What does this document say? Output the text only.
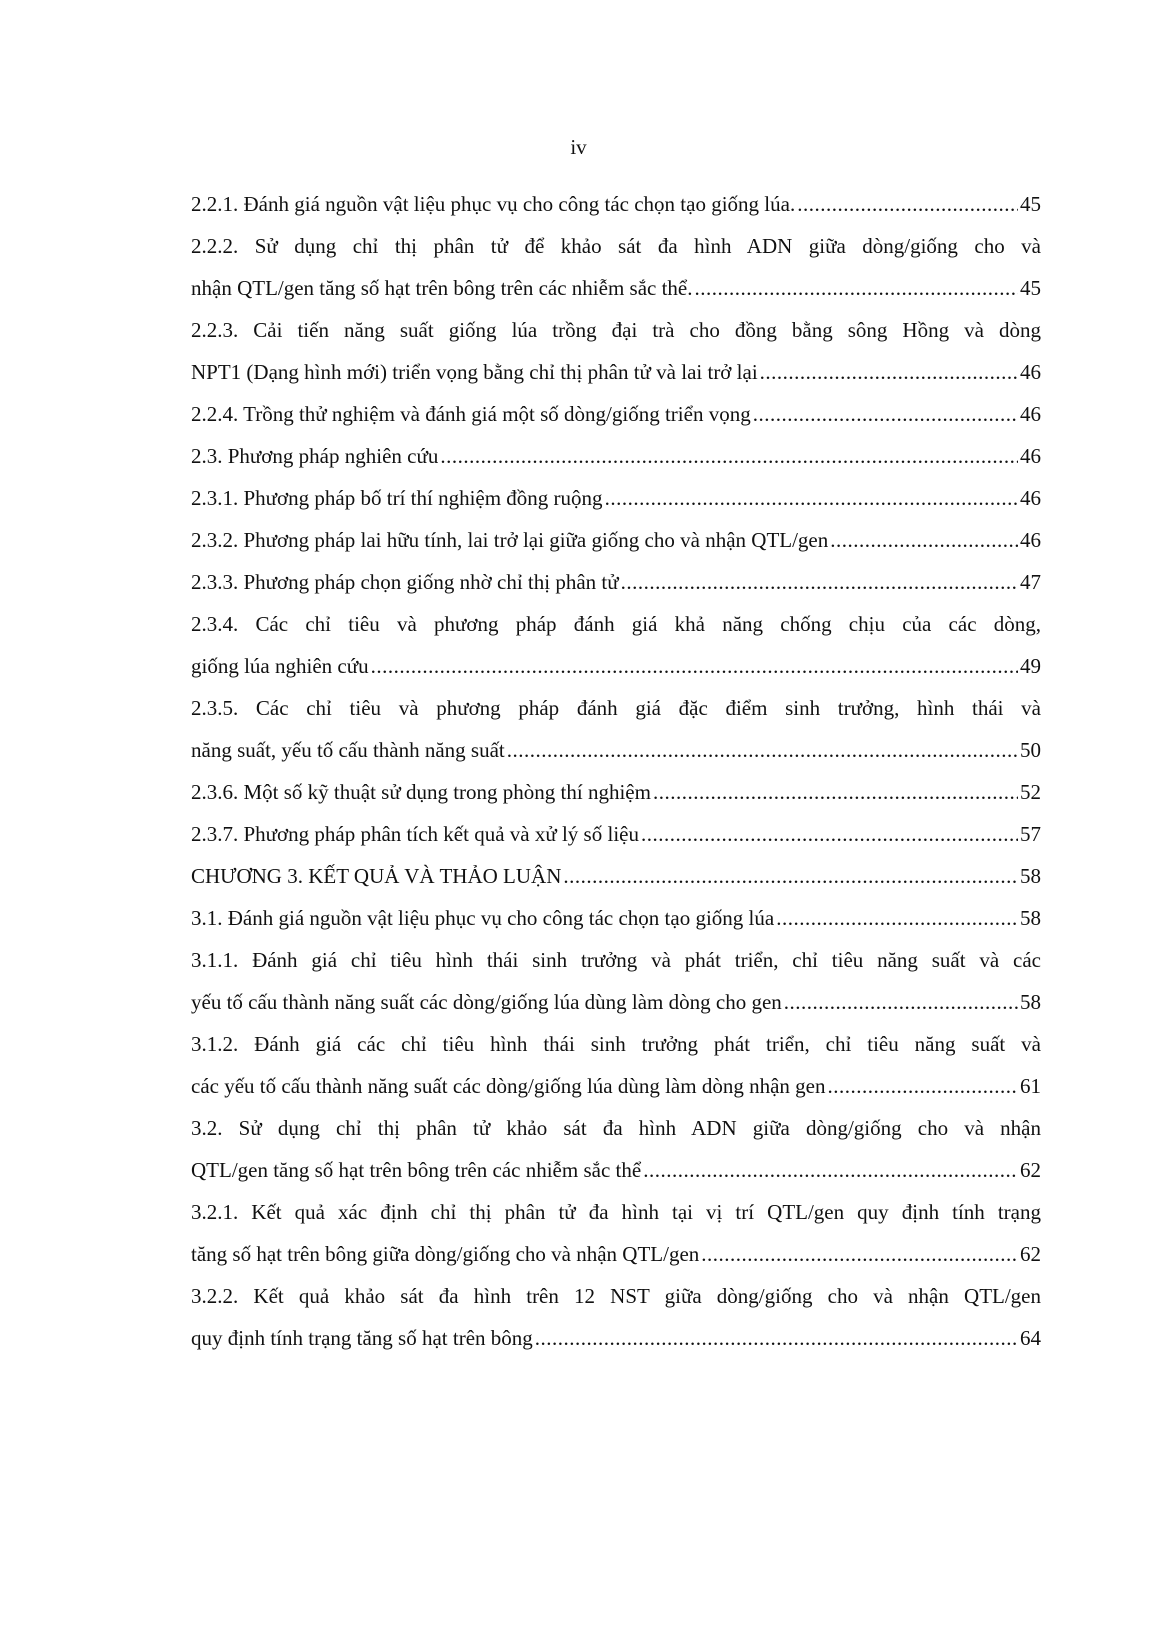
iv
2.2.1. Đánh giá nguồn vật liệu phục vụ cho công tác chọn tạo giống lúa. .....	45
2.2.2. Sử dụng chỉ thị phân tử để khảo sát đa hình ADN giữa dòng/giống cho và
nhận QTL/gen tăng số hạt trên bông trên các nhiễm sắc thể. .....	45
2.2.3. Cải tiến năng suất giống lúa trồng đại trà cho đồng bằng sông Hồng và dòng
NPT1 (Dạng hình mới) triển vọng bằng chỉ thị phân tử và lai trở lại .....	46
2.2.4. Trồng thử nghiệm và đánh giá một số dòng/giống triển vọng .....	46
2.3. Phương pháp nghiên cứu .....	46
2.3.1. Phương pháp bố trí thí nghiệm đồng ruộng .....	46
2.3.2. Phương pháp lai hữu tính, lai trở lại giữa giống cho và nhận QTL/gen .....	46
2.3.3. Phương pháp chọn giống nhờ chỉ thị phân tử .....	47
2.3.4. Các chỉ tiêu và phương pháp đánh giá khả năng chống chịu của các dòng,
giống lúa nghiên cứu .....	49
2.3.5. Các chỉ tiêu và phương pháp đánh giá đặc điểm sinh trưởng, hình thái và
năng suất, yếu tố cấu thành năng suất .....	50
2.3.6. Một số kỹ thuật sử dụng trong phòng thí nghiệm .....	52
2.3.7. Phương pháp phân tích kết quả và xử lý số liệu .....	57
CHƯƠNG 3. KẾT QUẢ VÀ THẢO LUẬN .....	58
3.1. Đánh giá nguồn vật liệu phục vụ cho công tác chọn tạo giống lúa .....	58
3.1.1. Đánh giá chỉ tiêu hình thái sinh trưởng và phát triển, chỉ tiêu năng suất và các
yếu tố cấu thành năng suất các dòng/giống lúa dùng làm dòng cho gen .....	58
3.1.2. Đánh giá các chỉ tiêu hình thái sinh trưởng phát triển, chỉ tiêu năng suất và
các yếu tố cấu thành năng suất các dòng/giống lúa dùng làm dòng nhận gen .....	61
3.2. Sử dụng chỉ thị phân tử khảo sát đa hình ADN giữa dòng/giống cho và nhận
QTL/gen tăng số hạt trên bông trên các nhiễm sắc thể .....	62
3.2.1. Kết quả xác định chỉ thị phân tử đa hình tại vị trí QTL/gen quy định tính trạng
tăng số hạt trên bông giữa dòng/giống cho và nhận QTL/gen .....	62
3.2.2. Kết quả khảo sát đa hình trên 12 NST giữa dòng/giống cho và nhận QTL/gen
quy định tính trạng tăng số hạt trên bông .....	64
